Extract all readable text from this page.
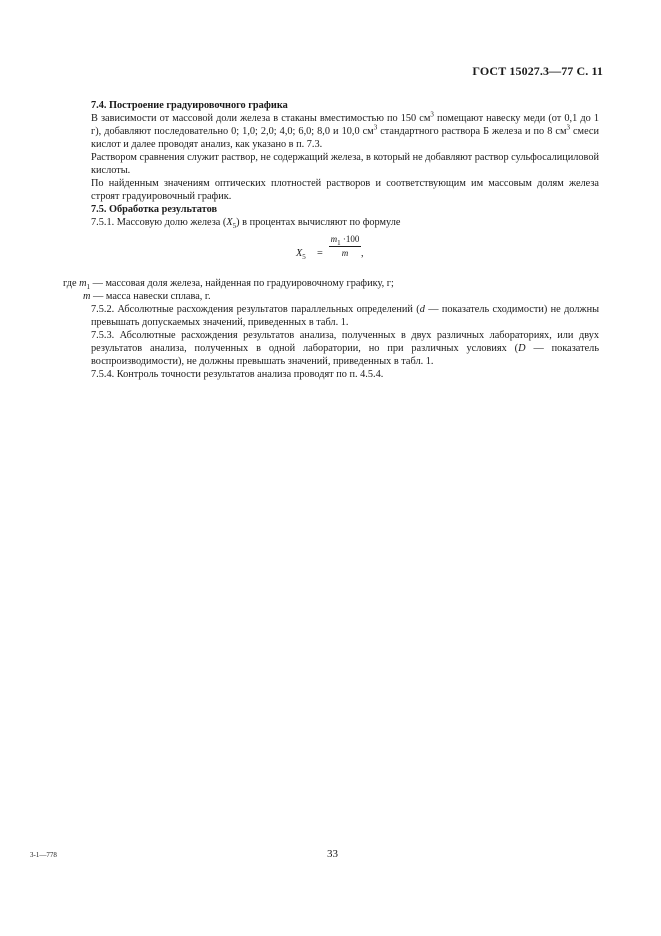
ГОСТ 15027.3—77 С. 11

7.4. Построение градуировочного графика

В зависимости от массовой доли железа в стаканы вместимостью по 150 $см^3$ помещают навеску меди (от 0,1 до 1 г), добавляют последовательно 0; 1,0; 2,0; 4,0; 6,0; 8,0 и 10,0 $см^3$ стандартного раствора Б железа и по 8 $см^3$ смеси кислот и далее проводят анализ, как указано в п. 7.3.

Раствором сравнения служит раствор, не содержащий железа, в который не добавляют раствор сульфосалициловой кислоты.

По найденным значениям оптических плотностей растворов и соответствующим им массовым долям железа строят градуировочный график.

7.5. Обработка результатов

7.5.1. Массовую долю железа $(X_5)$ в процентах вычисляют по формуле

$X_5 = \frac{m_1 \cdot 100}{m}$ ,

где $m_1$ — массовая доля железа, найденная по градуировочному графику, г;

m — масса навески сплава, г.

7.5.2. Абсолютные расхождения результатов параллельных определений (d — показатель сходимости) не должны превышать допускаемых значений, приведенных в табл. 1.

7.5.3. Абсолютные расхождения результатов анализа, полученных в двух различных лабораториях, или двух результатов анализа, полученных в одной лаборатории, но при различных условиях (D — показатель воспроизводимости), не должны превышать значений, приведенных в табл. 1.

7.5.4. Контроль точности результатов анализа проводят по п. 4.5.4.

3-1—778	33
